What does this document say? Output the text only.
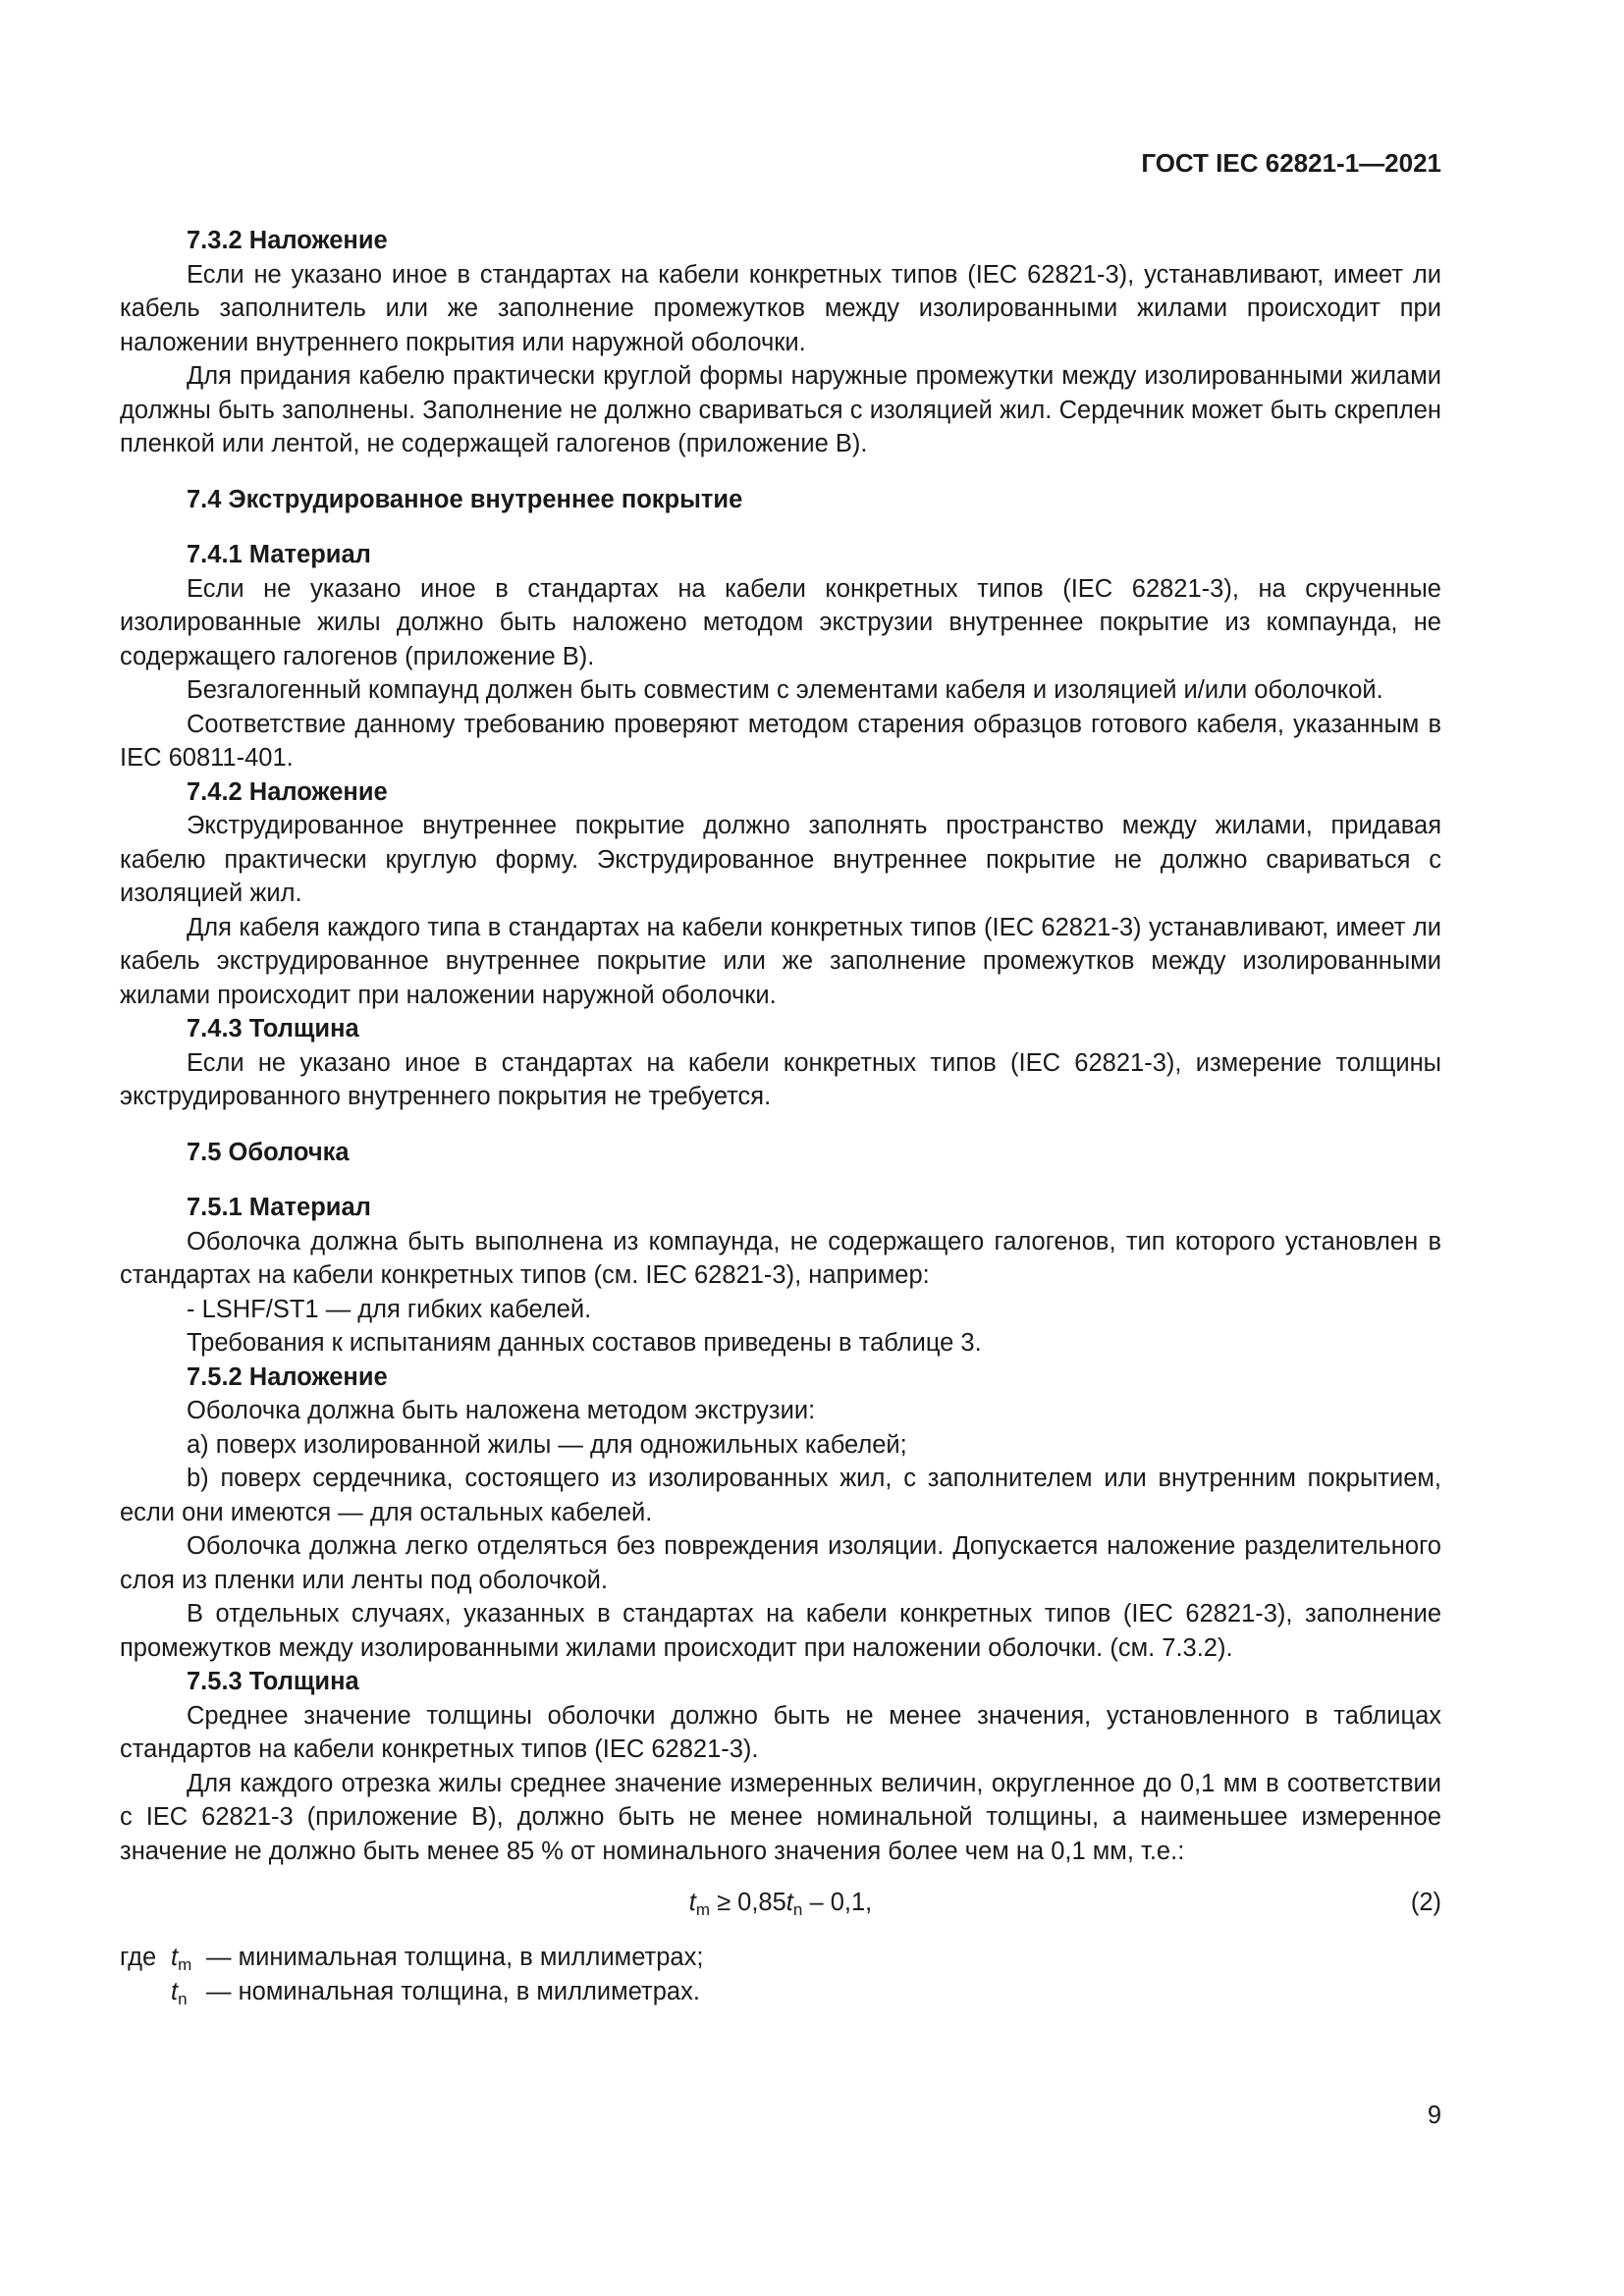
ГОСТ IEC 62821-1—2021
7.3.2 Наложение

Если не указано иное в стандартах на кабели конкретных типов (IEC 62821-3), устанавливают, имеет ли кабель заполнитель или же заполнение промежутков между изолированными жилами происходит при наложении внутреннего покрытия или наружной оболочки.

Для придания кабелю практически круглой формы наружные промежутки между изолированными жилами должны быть заполнены. Заполнение не должно свариваться с изоляцией жил. Сердечник может быть скреплен пленкой или лентой, не содержащей галогенов (приложение B).

7.4 Экструдированное внутреннее покрытие
7.4.1 Материал

Если не указано иное в стандартах на кабели конкретных типов (IEC 62821-3), на скрученные изолированные жилы должно быть наложено методом экструзии внутреннее покрытие из компаунда, не содержащего галогенов (приложение B).

Безгалогенный компаунд должен быть совместим с элементами кабеля и изоляцией и/или оболочкой.

Соответствие данному требованию проверяют методом старения образцов готового кабеля, указанным в IEC 60811-401.

7.4.2 Наложение

Экструдированное внутреннее покрытие должно заполнять пространство между жилами, придавая кабелю практически круглую форму. Экструдированное внутреннее покрытие не должно свариваться с изоляцией жил.

Для кабеля каждого типа в стандартах на кабели конкретных типов (IEC 62821-3) устанавливают, имеет ли кабель экструдированное внутреннее покрытие или же заполнение промежутков между изолированными жилами происходит при наложении наружной оболочки.

7.4.3 Толщина

Если не указано иное в стандартах на кабели конкретных типов (IEC 62821-3), измерение толщины экструдированного внутреннего покрытия не требуется.

7.5 Оболочка
7.5.1 Материал

Оболочка должна быть выполнена из компаунда, не содержащего галогенов, тип которого установлен в стандартах на кабели конкретных типов (см. IEC 62821-3), например:

- LSHF/ST1 — для гибких кабелей.

Требования к испытаниям данных составов приведены в таблице 3.

7.5.2 Наложение

Оболочка должна быть наложена методом экструзии:

a) поверх изолированной жилы — для одножильных кабелей;

b) поверх сердечника, состоящего из изолированных жил, с заполнителем или внутренним покрытием, если они имеются — для остальных кабелей.

Оболочка должна легко отделяться без повреждения изоляции. Допускается наложение разделительного слоя из пленки или ленты под оболочкой.

В отдельных случаях, указанных в стандартах на кабели конкретных типов (IEC 62821-3), заполнение промежутков между изолированными жилами происходит при наложении оболочки. (см. 7.3.2).

7.5.3 Толщина

Среднее значение толщины оболочки должно быть не менее значения, установленного в таблицах стандартов на кабели конкретных типов (IEC 62821-3).

Для каждого отрезка жилы среднее значение измеренных величин, округленное до 0,1 мм в соответствии с IEC 62821-3 (приложение B), должно быть не менее номинальной толщины, а наименьшее измеренное значение не должно быть менее 85 % от номинального значения более чем на 0,1 мм, т.е.:

$t_m \ge 0,85t_n - 0,1$,	(2)
где $t_m$ — минимальная толщина, в миллиметрах;
$t_n$ — номинальная толщина, в миллиметрах.
9
